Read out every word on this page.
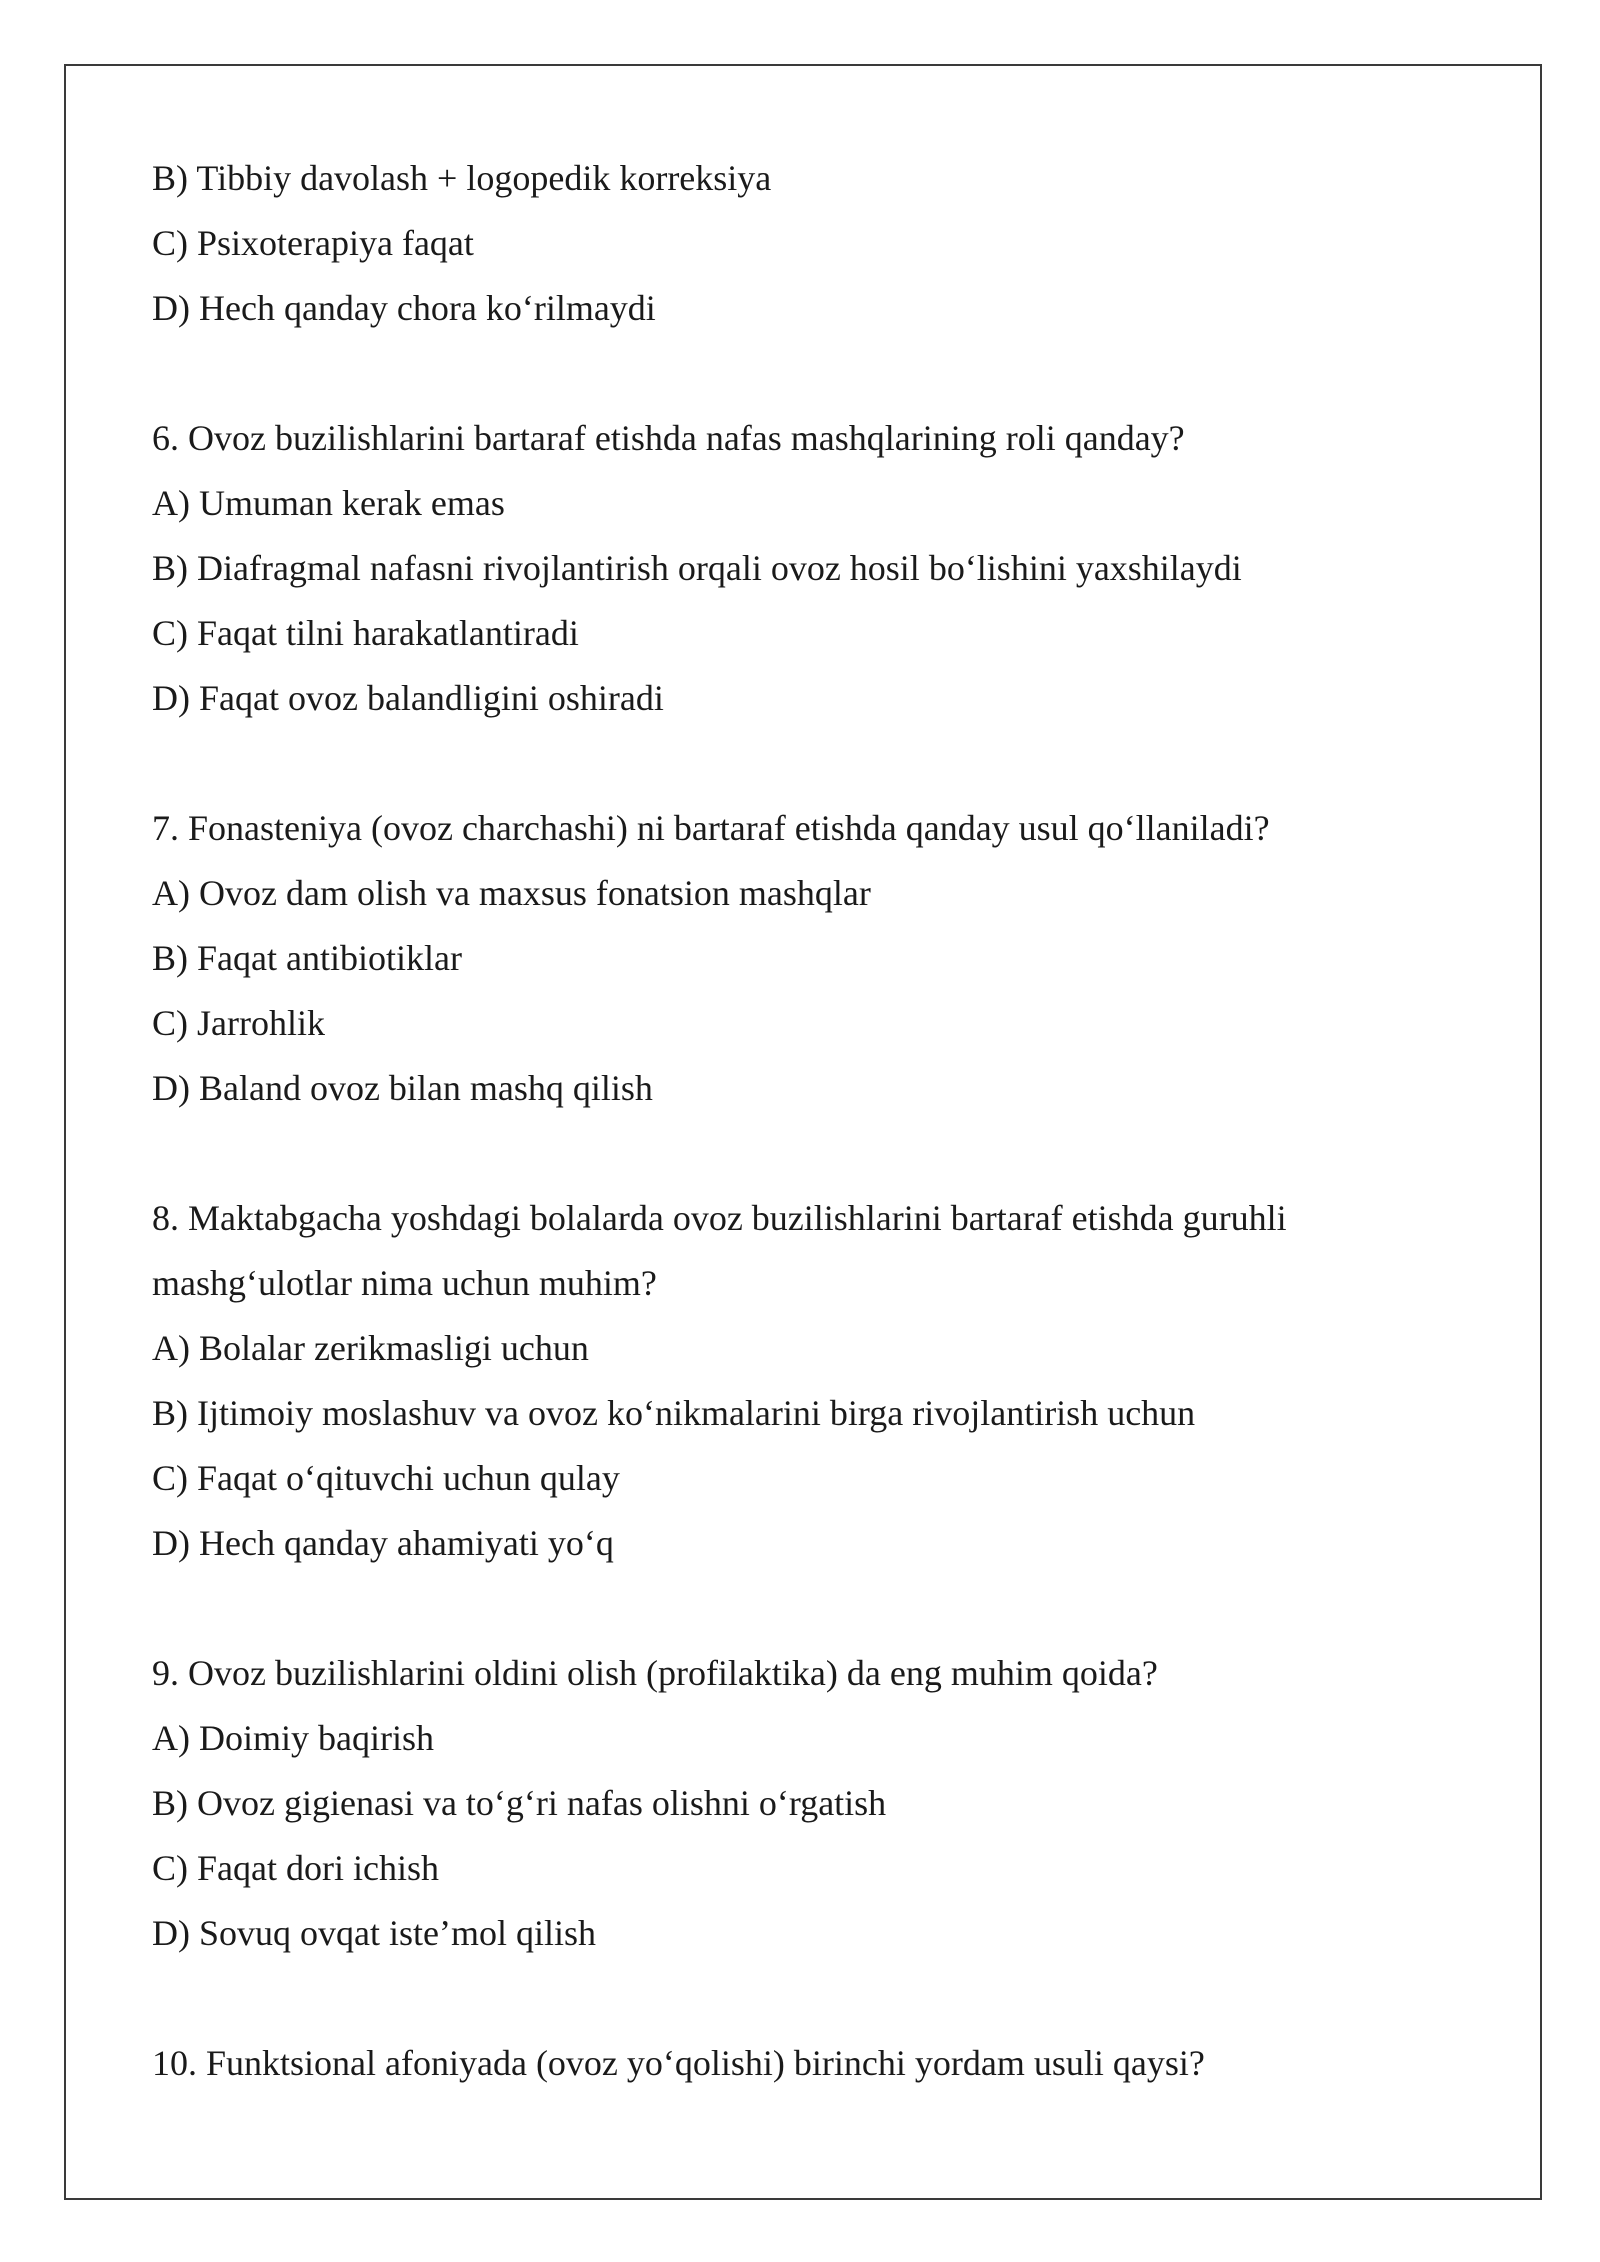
B) Tibbiy davolash + logopedik korreksiya
C) Psixoterapiya faqat
D) Hech qanday chora koʻrilmaydi
6. Ovoz buzilishlarini bartaraf etishda nafas mashqlarining roli qanday?
A) Umuman kerak emas
B) Diafragmal nafasni rivojlantirish orqali ovoz hosil boʻlishini yaxshilaydi
C) Faqat tilni harakatlantiradi
D) Faqat ovoz balandligini oshiradi
7. Fonasteniya (ovoz charchashi) ni bartaraf etishda qanday usul qoʻllaniladi?
A) Ovoz dam olish va maxsus fonatsion mashqlar
B) Faqat antibiotiklar
C) Jarrohlik
D) Baland ovoz bilan mashq qilish
8. Maktabgacha yoshdagi bolalarda ovoz buzilishlarini bartaraf etishda guruhli
mashgʻulotlar nima uchun muhim?
A) Bolalar zerikmasligi uchun
B) Ijtimoiy moslashuv va ovoz koʻnikmalarini birga rivojlantirish uchun
C) Faqat oʻqituvchi uchun qulay
D) Hech qanday ahamiyati yoʻq
9. Ovoz buzilishlarini oldini olish (profilaktika) da eng muhim qoida?
A) Doimiy baqirish
B) Ovoz gigienasi va toʻgʻri nafas olishni oʻrgatish
C) Faqat dori ichish
D) Sovuq ovqat isteʼmol qilish
10. Funktsional afoniyada (ovoz yoʻqolishi) birinchi yordam usuli qaysi?
